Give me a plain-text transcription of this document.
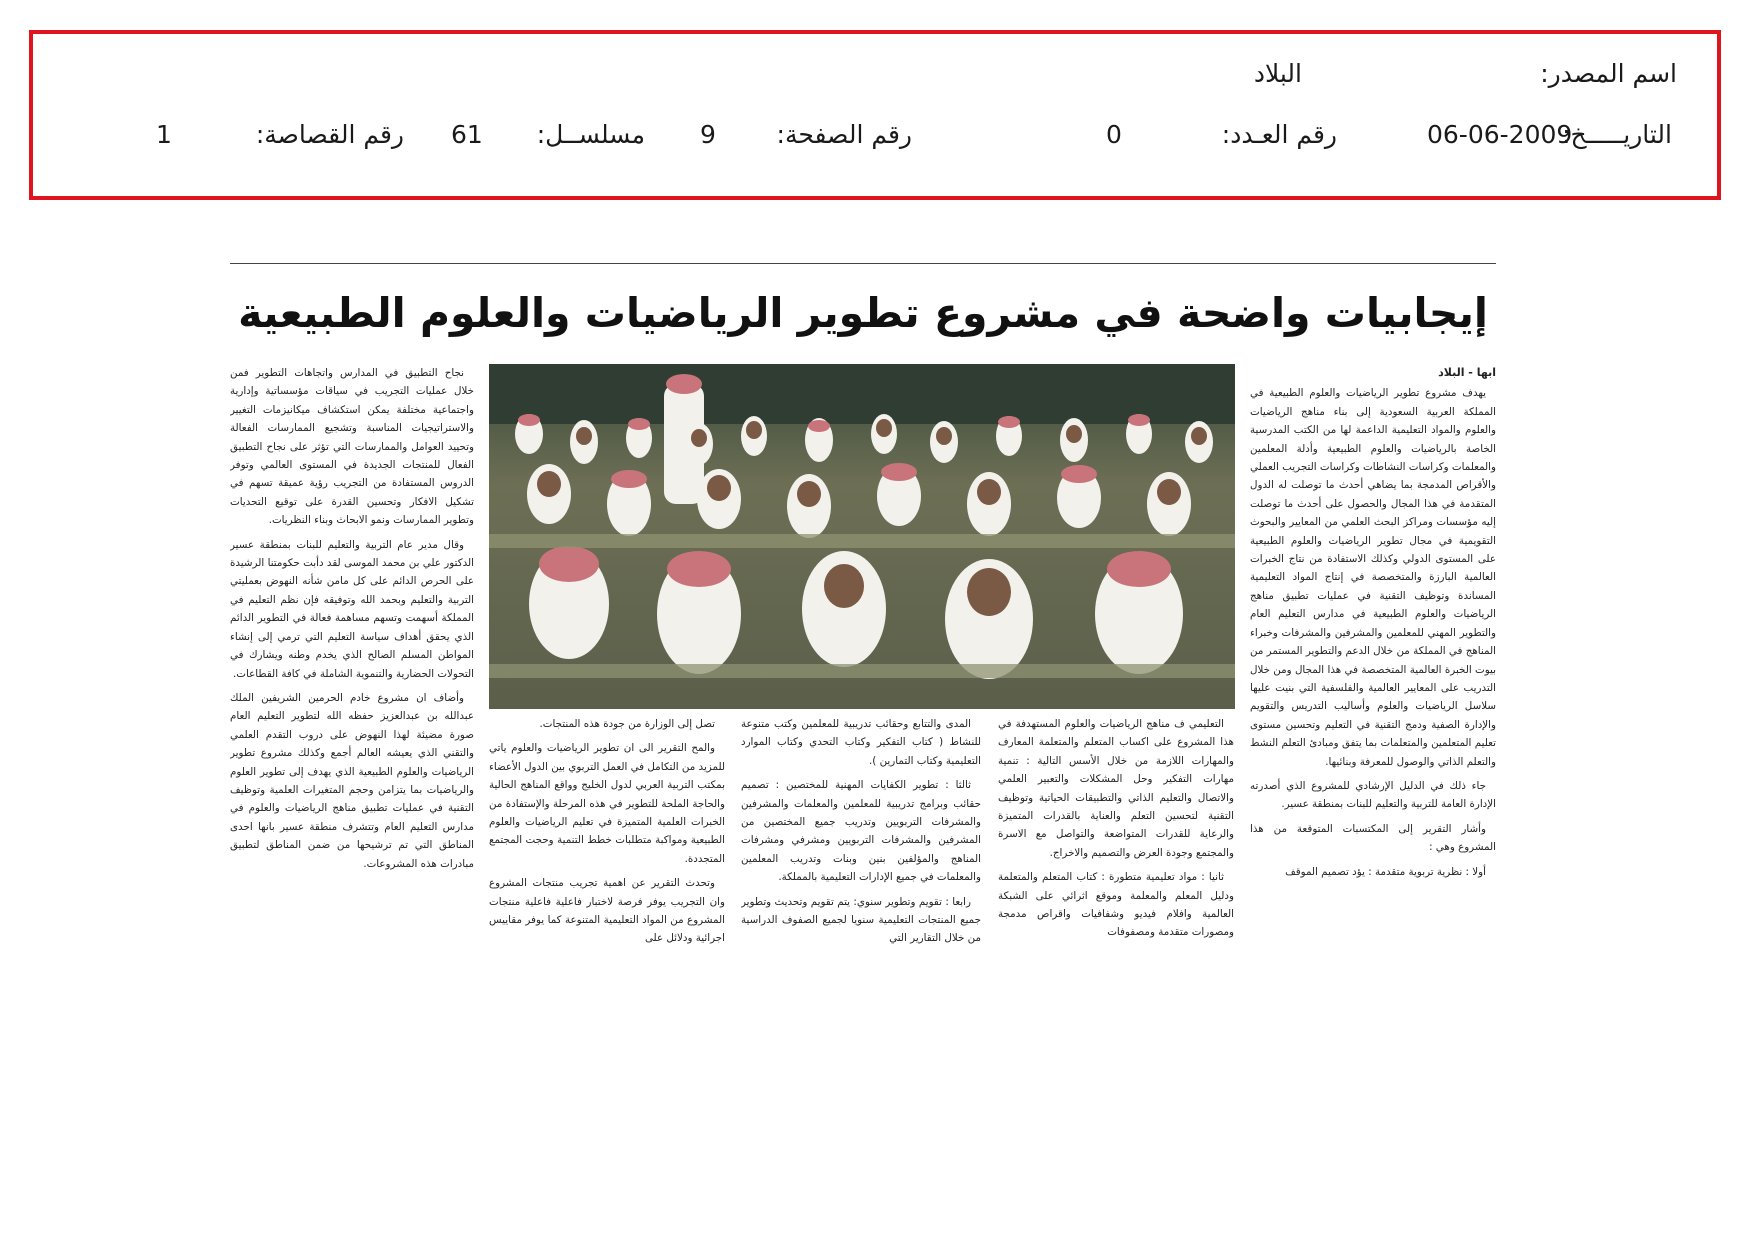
اسم المصدر:
البلاد
التاريـــــخ:
06-06-2009
رقم العـدد:
0
رقم الصفحة:
9
مسلســل:
61
رقم القصاصة:
1
إيجابيات واضحة في مشروع تطوير الرياضيات والعلوم الطبيعية
ابها - البلاد

يهدف مشروع تطوير الرياضيات والعلوم الطبيعية في المملكة العربية السعودية إلى بناء مناهج الرياضيات والعلوم والمواد التعليمية الداعمة لها من الكتب المدرسية الخاصة بالرياضيات والعلوم الطبيعية وأدلة المعلمين والمعلمات وكراسات النشاطات وكراسات التجريب العملي والأقراص المدمجة بما يضاهي أحدث ما توصلت له الدول المتقدمة في هذا المجال والحصول على أحدث ما توصلت إليه مؤسسات ومراكز البحث العلمي من المعايير والبحوث التقويمية في مجال تطوير الرياضيات والعلوم الطبيعية على المستوى الدولي وكذلك الاستفادة من نتاج الخبرات العالمية البارزة والمتخصصة في إنتاج المواد التعليمية المساندة وتوظيف التقنية في عمليات تطبيق مناهج الرياضيات والعلوم الطبيعية في مدارس التعليم العام والتطوير المهني للمعلمين والمشرفين والمشرفات وخبراء المناهج في المملكة من خلال الدعم والتطوير المستمر من بيوت الخبرة العالمية المتخصصة في هذا المجال ومن خلال التدريب على المعايير العالمية والفلسفية التي بنيت عليها سلاسل الرياضيات والعلوم وأساليب التدريس والتقويم والإدارة الصفية ودمج التقنية في التعليم وتحسين مستوى تعليم المتعلمين والمتعلمات بما يتفق ومبادئ التعلم النشط والتعلم الذاتي والوصول للمعرفة وبنائيها.

جاء ذلك في الدليل الإرشادي للمشروع الذي أصدرته الإدارة العامة للتربية والتعليم للبنات بمنطقة عسير.

وأشار التقرير إلى المكتسبات المتوقعة من هذا المشروع وهي :

أولا : نظرية تربوية متقدمة : يؤد تصميم الموقف

التعليمي ف مناهج الرياضيات والعلوم المستهدفة في هذا المشروع على اكساب المتعلم والمتعلمة المعارف والمهارات اللازمة من خلال الأسس التالية : تنمية مهارات التفكير وحل المشكلات والتعبير العلمي والاتصال والتعليم الذاتي والتطبيقات الحياتية وتوظيف التقنية لتحسين التعلم والعناية بالقدرات المتميزة والرعاية للقدرات المتواضعة والتواصل مع الاسرة والمجتمع وجودة العرض والتصميم والاخراج.

ثانيا : مواد تعليمية متطورة : كتاب المتعلم والمتعلمة ودليل المعلم والمعلمة وموقع اثرائي على الشبكة العالمية وافلام فيديو وشفافيات واقراص مدمجة ومصورات متقدمة ومصفوفات

المدى والتتابع وحقائب تدريبية للمعلمين وكتب متنوعة للنشاط ( كتاب التفكير وكتاب التحدي وكتاب الموارد التعليمية وكتاب التمارين ).

ثالثا : تطوير الكفايات المهنية للمختصين : تصميم حقائب وبرامج تدريبية للمعلمين والمعلمات والمشرفين والمشرفات التربويين وتدريب جميع المختصين من المشرفين والمشرفات التربويين ومشرفي ومشرفات المناهج والمؤلفين بنين وبنات وتدريب المعلمين والمعلمات في جميع الإدارات التعليمية بالمملكة.

رابعا : تقويم وتطوير سنوي: يتم تقويم وتحديث وتطوير جميع المنتجات التعليمية سنويا لجميع الصفوف الدراسية من خلال التقارير التي

تصل إلى الوزارة من جودة هذه المنتجات.

والمح التقرير الى ان تطوير الرياضيات والعلوم ياتي للمزيد من التكامل في العمل التربوي بين الدول الأعضاء بمكتب التربية العربي لدول الخليج وواقع المناهج الحالية والحاجة الملحة للتطوير في هذه المرحلة والإستفادة من الخبرات العلمية المتميزة في تعليم الرياضيات والعلوم الطبيعية ومواكبة متطلبات خطط التنمية وحجت المجتمع المتجددة.

وتحدث التقرير عن اهمية تجريب منتجات المشروع وان التجريب يوفر فرصة لاختبار فاعلية فاعلية منتجات المشروع من المواد التعليمية المتنوعة كما يوفر مقاييس اجرائية ودلائل على

نجاح التطبيق في المدارس واتجاهات التطوير فمن خلال عمليات التجريب في سياقات مؤسساتية وإدارية واجتماعية مختلفة يمكن استكشاف ميكانيزمات التغيير والاستراتيجيات المناسبة وتشجيع الممارسات الفعالة وتحييد العوامل والممارسات التي تؤثر على نجاح التطبيق الفعال للمنتجات الجديدة في المستوى العالمي وتوفر الدروس المستفادة من التجريب رؤية عميقة تسهم في تشكيل الافكار وتحسين القدرة على توقيع التحديات وتطوير الممارسات ونمو الابحاث وبناء النظريات.

وقال مدير عام التربية والتعليم للبنات بمنطقة عسير الدكتور علي بن محمد الموسى لقد دأبت حكومتنا الرشيدة على الحرص الدائم على كل مامن شأنه النهوض بعمليتي التربية والتعليم وبحمد الله وتوفيقه فإن نظم التعليم في المملكة أسهمت وتسهم مساهمة فعالة في التطوير الدائم الذي يحقق أهداف سياسة التعليم التي ترمي إلى إنشاء المواطن المسلم الصالح الذي يخدم وطنه ويشارك في التحولات الحضارية والتنموية الشاملة في كافة القطاعات.

وأضاف ان مشروع خادم الحرمين الشريفين الملك عبدالله بن عبدالعزيز حفظه الله لتطوير التعليم العام صورة مضيئة لهذا النهوض على دروب التقدم العلمي والتقني الذي يعيشه العالم أجمع وكذلك مشروع تطوير الرياضيات والعلوم الطبيعية الذي يهدف إلى تطوير العلوم والرياضيات بما يتزامن وحجم المتغيرات العلمية وتوظيف التقنية في عمليات تطبيق مناهج الرياضيات والعلوم في مدارس التعليم العام وتتشرف منطقة عسير بانها احدى المناطق التي تم ترشيحها من ضمن المناطق لتطبيق مبادرات هذه المشروعات.
